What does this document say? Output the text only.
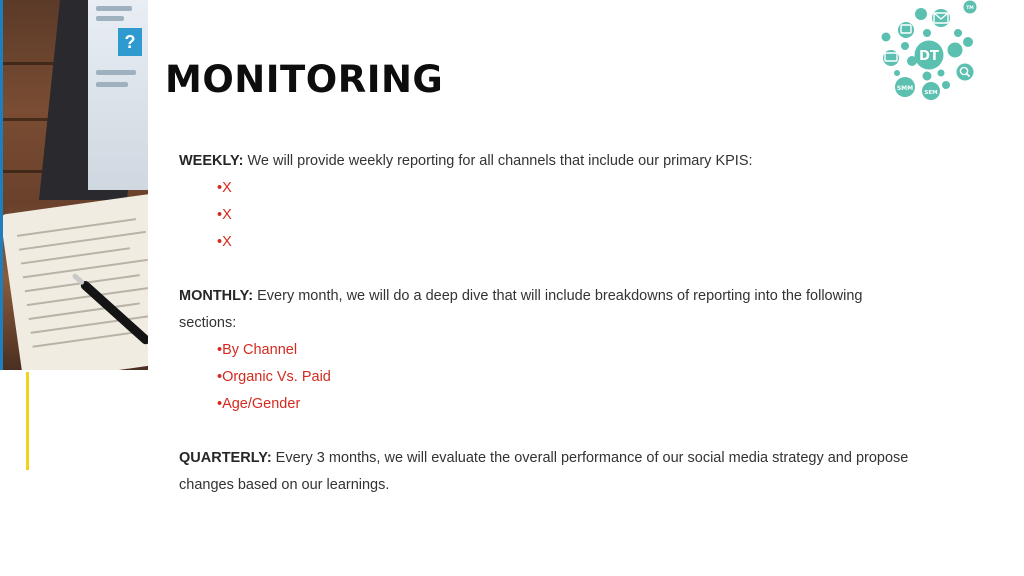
?
MONITORING

WEEKLY: We will provide weekly reporting for all channels that include our primary KPIS:

•X
•X
•X

MONTHLY: Every month, we will do a deep dive that will include breakdowns of reporting into the following sections:

•By Channel
•Organic Vs. Paid
•Age/Gender

QUARTERLY: Every 3 months, we will evaluate the overall performance of our social media strategy and propose changes based on our learnings.

DT
SMM
SEM
TM
